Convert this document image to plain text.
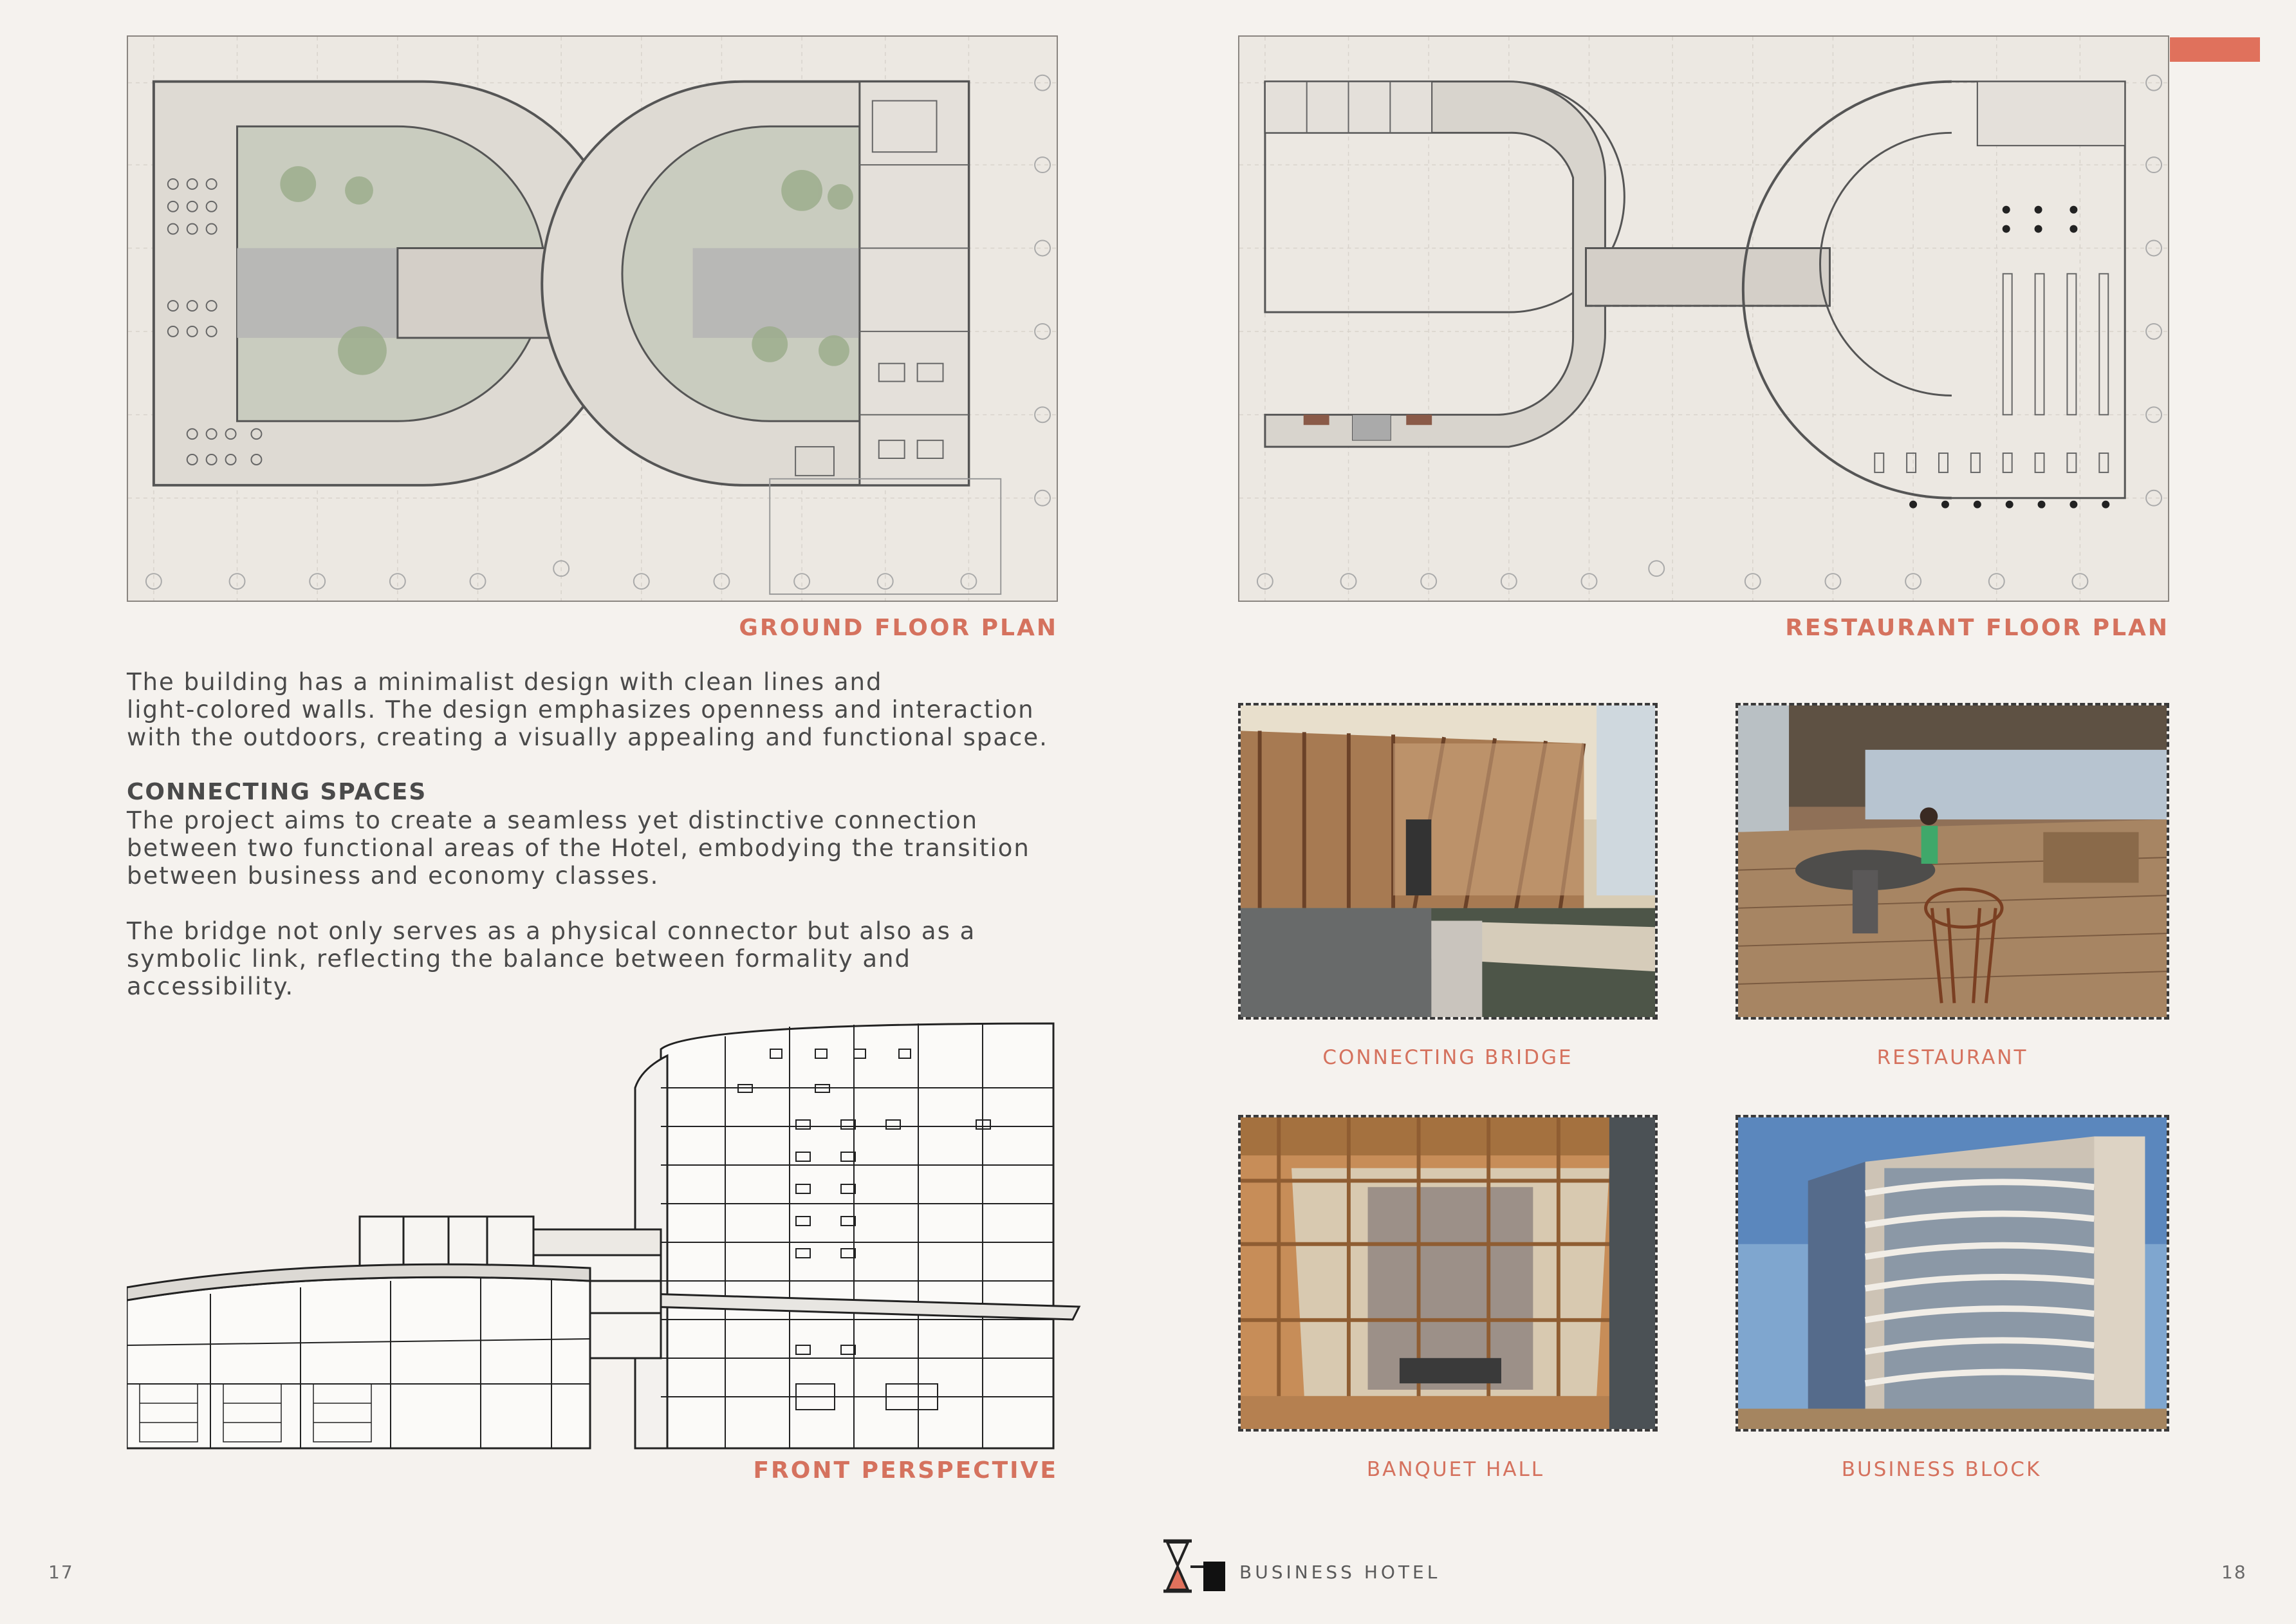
GROUND FLOOR PLAN	RESTAURANT FLOOR PLAN
The building has a minimalist design with clean lines and
light-colored walls. The design emphasizes openness and interaction
with the outdoors, creating a visually appealing and functional space.
CONNECTING SPACES
The project aims to create a seamless yet distinctive connection
between two functional areas of the Hotel, embodying the transition
between business and economy classes.
The bridge not only serves as a physical connector but also as a
symbolic link, reflecting the balance between formality and
accessibility.
FRONT PERSPECTIVE
CONNECTING BRIDGE	RESTAURANT
BANQUET HALL	BUSINESS BLOCK
17	18
BUSINESS HOTEL
